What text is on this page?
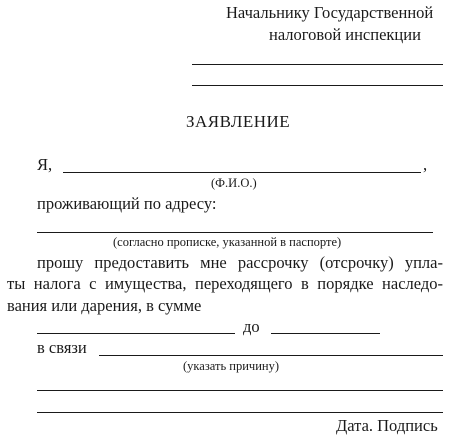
Начальнику Государственной
налоговой инспекции
ЗАЯВЛЕНИЕ
Я,	,
(Ф.И.О.)
проживающий по адресу:
(согласно прописке, указанной в паспорте)
прошу предоставить мне рассрочку (отсрочку) упла-
ты налога с имущества, переходящего в порядке наследо-
вания или дарения, в сумме
до
в связи
(указать причину)
Дата. Подпись
